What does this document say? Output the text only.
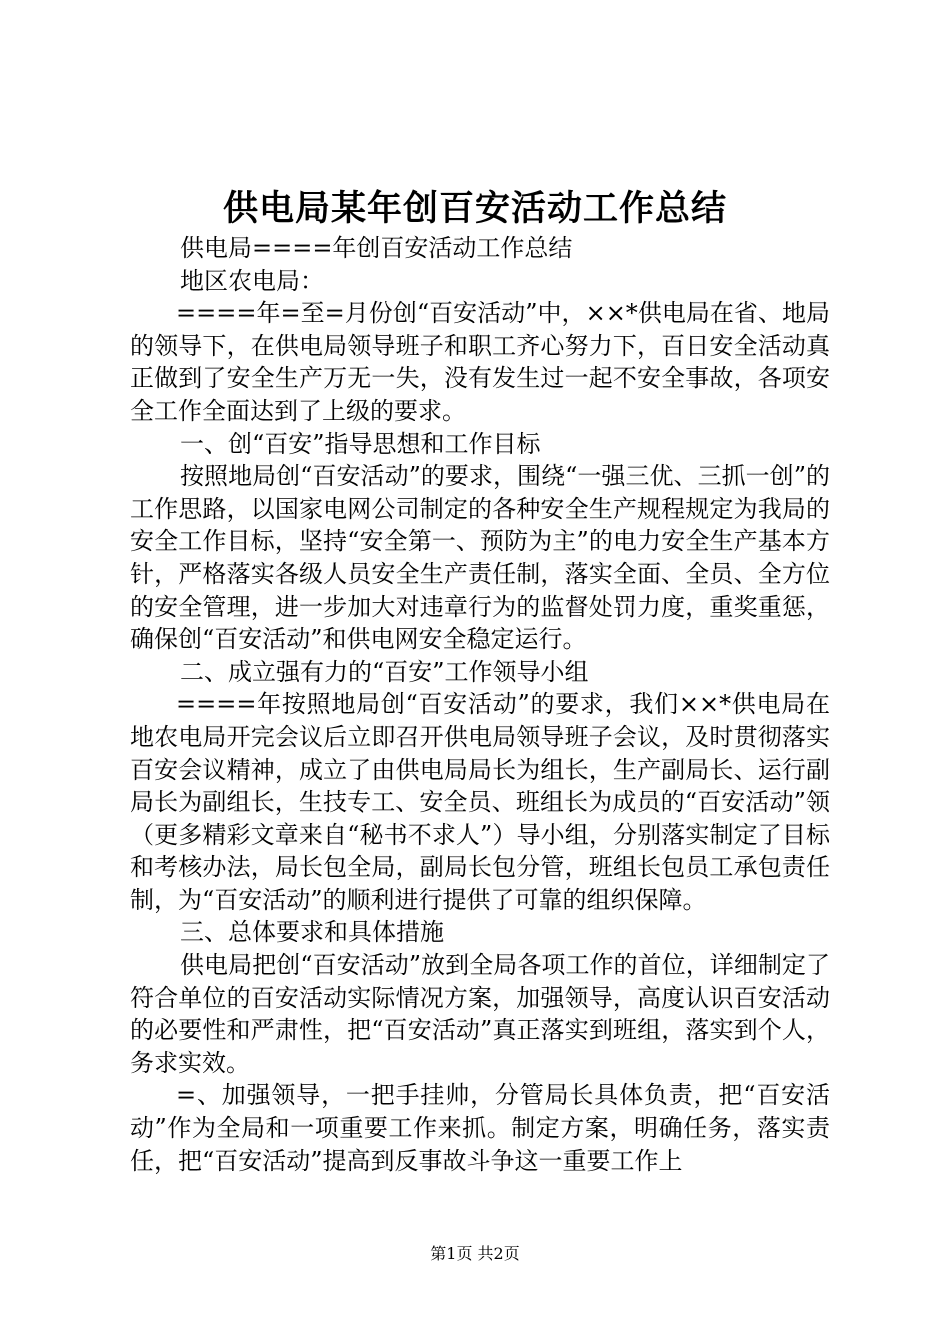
供电局某年创百安活动工作总结

供电局====年创百安活动工作总结

地区农电局：

====年=至=月份创“百安活动”中，××*供电局在省、地局的领导下，在供电局领导班子和职工齐心努力下，百日安全活动真正做到了安全生产万无一失，没有发生过一起不安全事故，各项安全工作全面达到了上级的要求。

一、创“百安”指导思想和工作目标

按照地局创“百安活动”的要求，围绕“一强三优、三抓一创”的工作思路，以国家电网公司制定的各种安全生产规程规定为我局的安全工作目标，坚持“安全第一、预防为主”的电力安全生产基本方针，严格落实各级人员安全生产责任制，落实全面、全员、全方位的安全管理，进一步加大对违章行为的监督处罚力度，重奖重惩，确保创“百安活动”和供电网安全稳定运行。

二、成立强有力的“百安”工作领导小组

====年按照地局创“百安活动”的要求，我们××*供电局在地农电局开完会议后立即召开供电局领导班子会议，及时贯彻落实百安会议精神，成立了由供电局局长为组长，生产副局长、运行副局长为副组长，生技专工、安全员、班组长为成员的“百安活动”领（更多精彩文章来自“秘书不求人”）导小组，分别落实制定了目标和考核办法，局长包全局，副局长包分管，班组长包员工承包责任制，为“百安活动”的顺利进行提供了可靠的组织保障。

三、总体要求和具体措施

供电局把创“百安活动”放到全局各项工作的首位，详细制定了符合单位的百安活动实际情况方案，加强领导，高度认识百安活动的必要性和严肃性，把“百安活动”真正落实到班组，落实到个人，务求实效。

=、加强领导，一把手挂帅，分管局长具体负责，把“百安活动”作为全局和一项重要工作来抓。制定方案，明确任务，落实责任，把“百安活动”提高到反事故斗争这一重要工作上

第1页 共2页
